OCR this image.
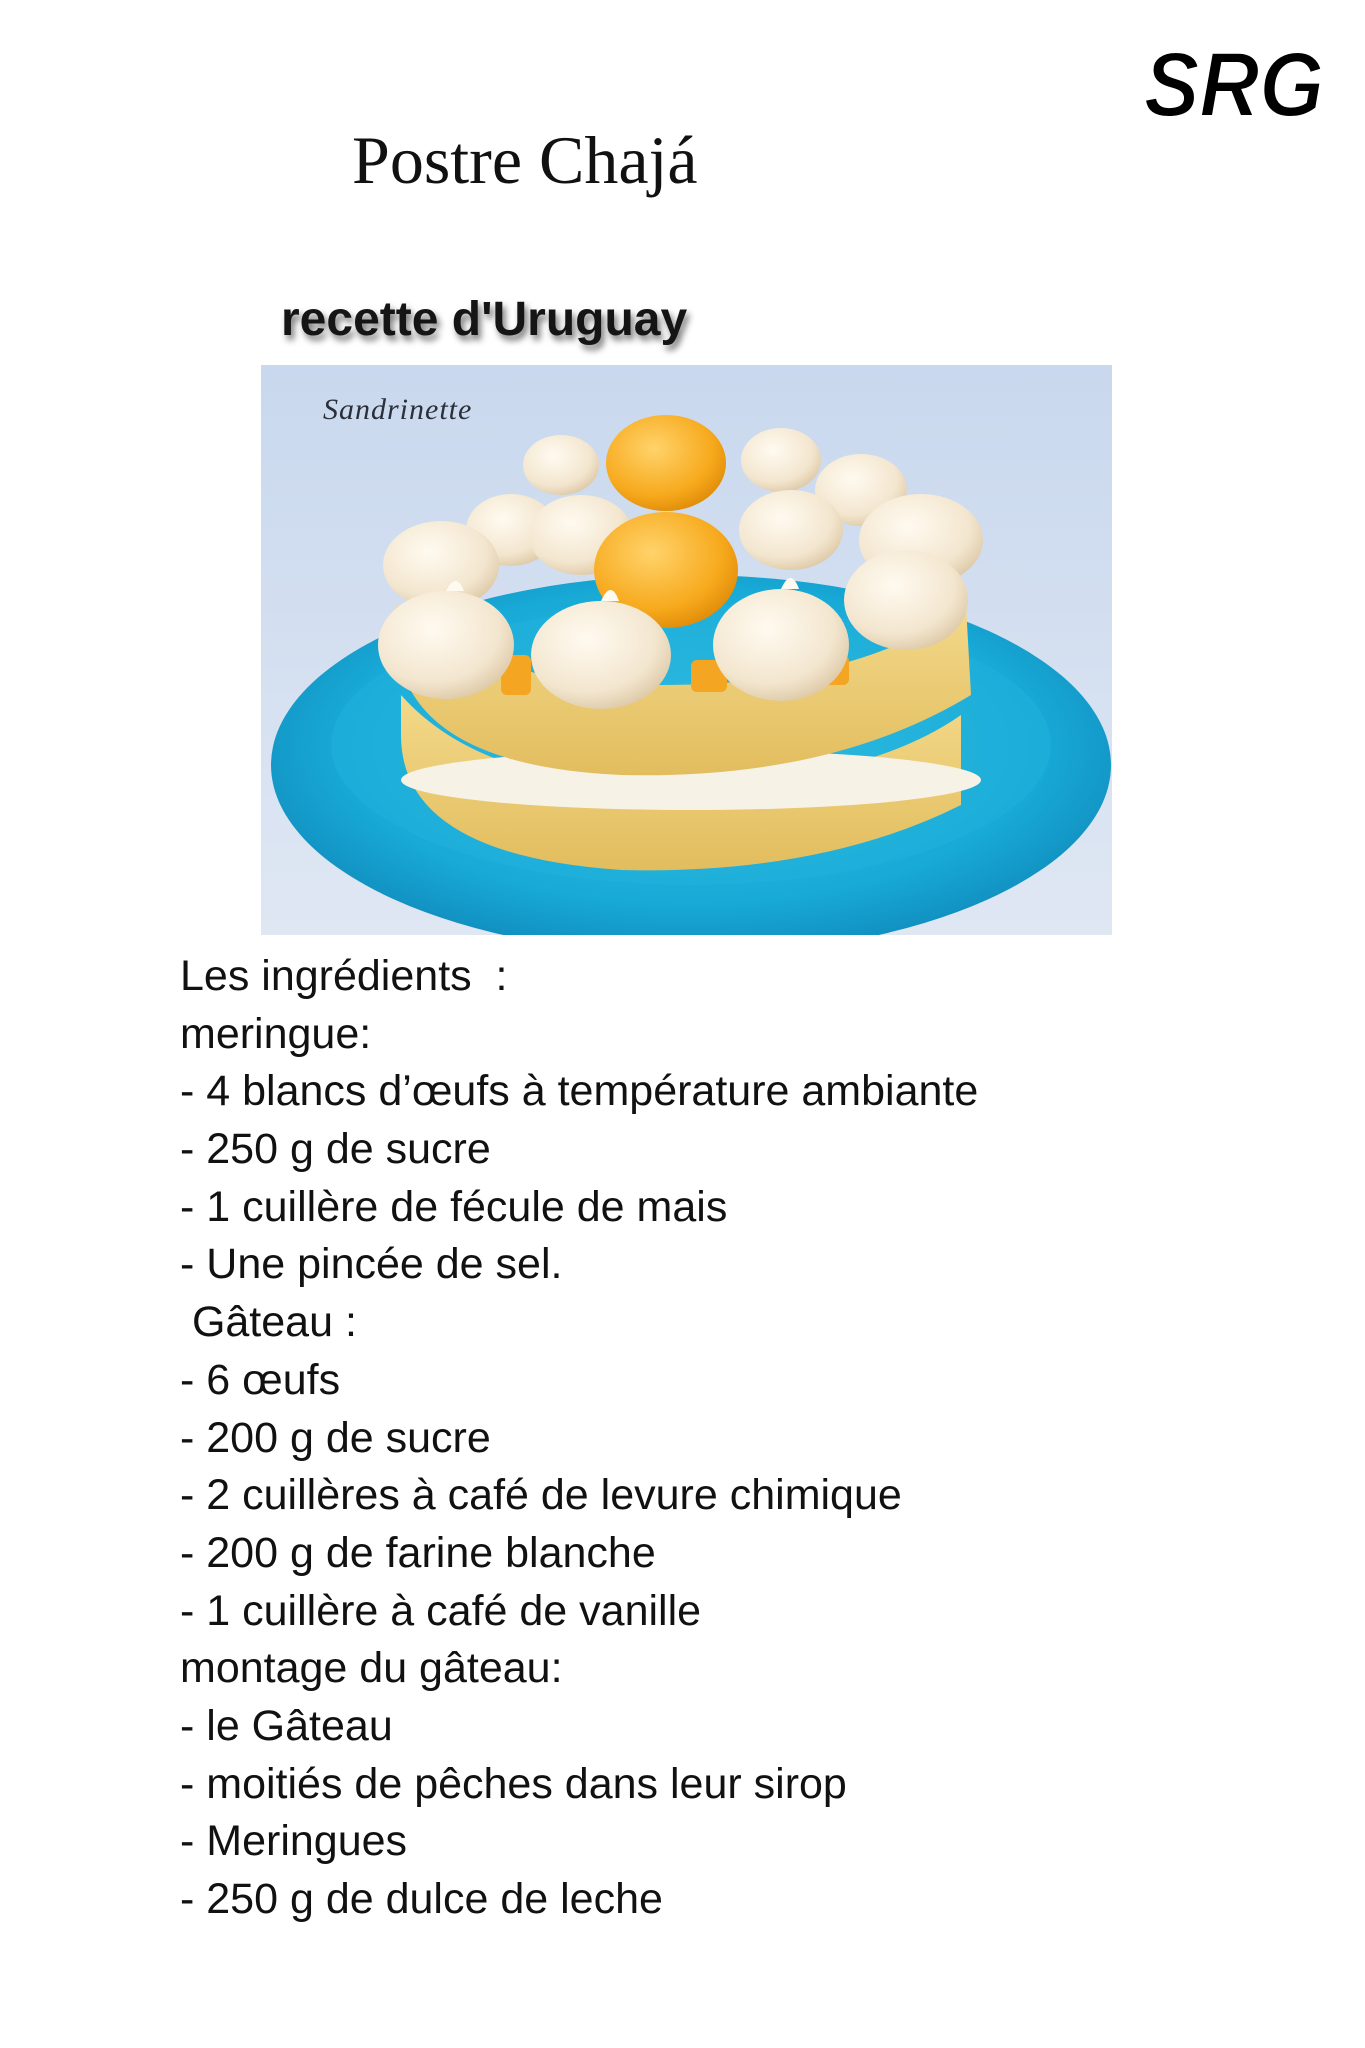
SRG
Postre Chajá
recette d'Uruguay
Sandrinette
Les ingrédients  :
meringue:
- 4 blancs d’œufs à température ambiante
- 250 g de sucre
- 1 cuillère de fécule de mais
- Une pincée de sel.
Gâteau :
- 6 œufs
- 200 g de sucre
- 2 cuillères à café de levure chimique
- 200 g de farine blanche
- 1 cuillère à café de vanille
montage du gâteau:
- le Gâteau
- moitiés de pêches dans leur sirop
- Meringues
- 250 g de dulce de leche
